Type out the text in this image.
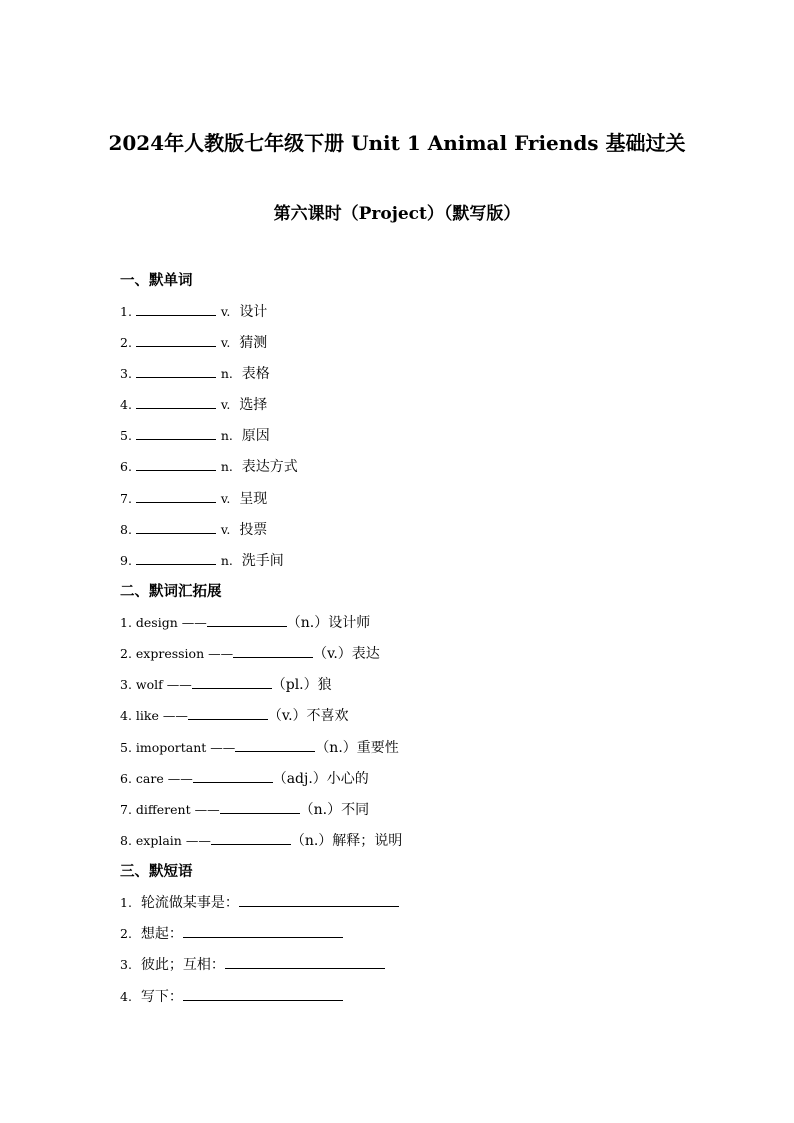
2024年人教版七年级下册 Unit 1 Animal Friends 基础过关
第六课时（Project）（默写版）
一、默单词
1.	v. 设计
2.	v. 猜测
3.	n. 表格
4.	v. 选择
5.	n. 原因
6.	n. 表达方式
7.	v. 呈现
8.	v. 投票
9.	n. 洗手间
二、默词汇拓展
1. design ——	（n.）设计师
2. expression ——	（v.）表达
3. wolf ——	（pl.）狼
4. like ——	（v.）不喜欢
5. imoportant ——	（n.）重要性
6. care ——	（adj.）小心的
7. different ——	（n.）不同
8. explain ——	（n.）解释；说明
三、默短语
1. 轮流做某事是：
2. 想起：
3. 彼此；互相：
4. 写下：
